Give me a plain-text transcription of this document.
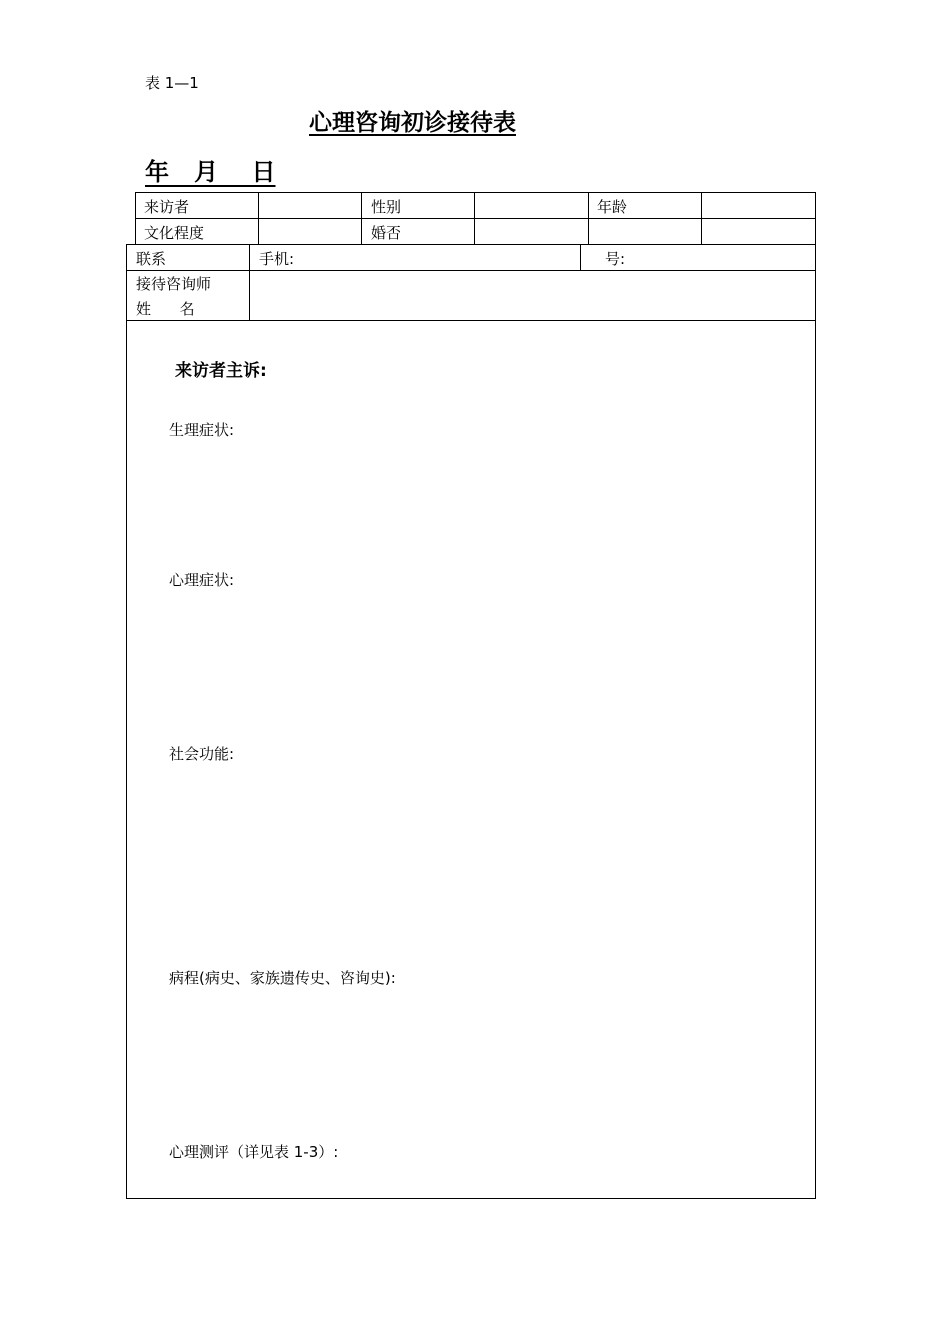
表 1—1
心理咨询初诊接待表
年   月    日
来访者	性别	年龄
文化程度	婚否
联系	手机:	号:
接待咨询师
姓      名
来访者主诉:
生理症状:
心理症状:
社会功能:
病程(病史、家族遗传史、咨询史):
心理测评（详见表 1-3）:
